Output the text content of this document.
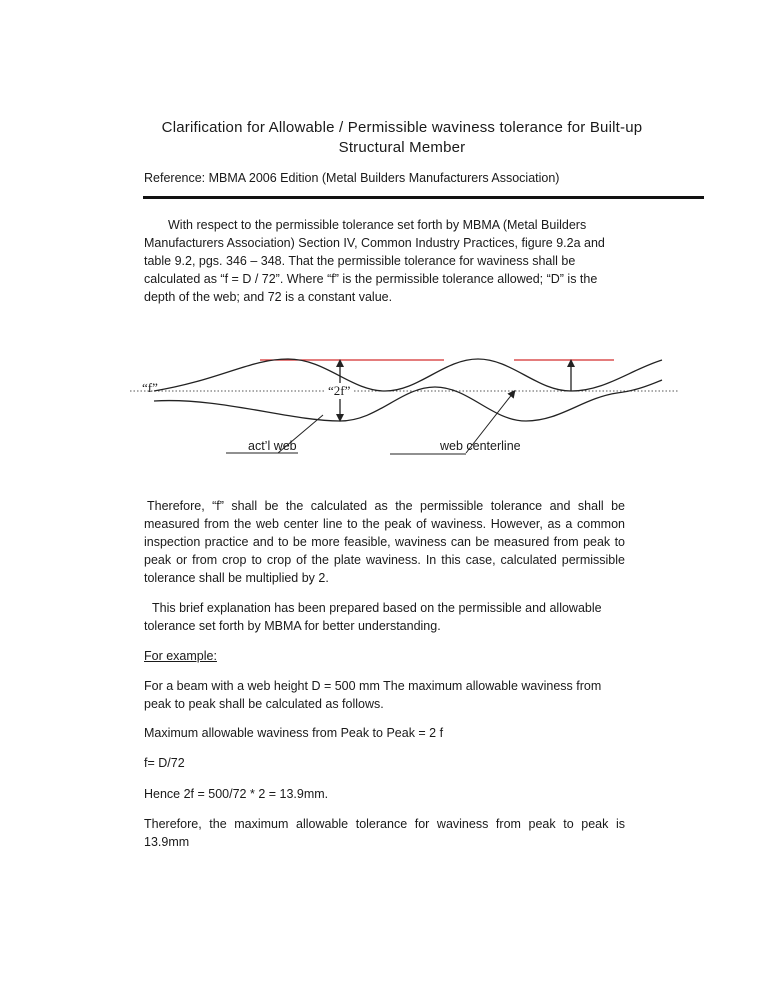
Clarification for Allowable / Permissible waviness tolerance for Built-up
Structural Member
Reference: MBMA 2006 Edition (Metal Builders Manufacturers Association)

With respect to the permissible tolerance set forth by MBMA (Metal Builders Manufacturers Association) Section IV, Common Industry Practices, figure 9.2a and table 9.2, pgs. 346 – 348. That the permissible tolerance for waviness shall be calculated as “f = D / 72”. Where “f” is the permissible tolerance allowed; “D” is the depth of the web; and 72 is a constant value.

“f”	“2f”
act’l web	web centerline

Therefore, “f” shall be the calculated as the permissible tolerance and shall be measured from the web center line to the peak of waviness. However, as a common inspection practice and to be more feasible, waviness can be measured from peak to peak or from crop to crop of the plate waviness. In this case, calculated permissible tolerance shall be multiplied by 2.

This brief explanation has been prepared based on the permissible and allowable tolerance set forth by MBMA for better understanding.

For example:
For a beam with a web height D = 500 mm The maximum allowable waviness from peak to peak shall be calculated as follows.
Maximum allowable waviness from Peak to Peak = 2 f
f= D/72
Hence 2f = 500/72 * 2 = 13.9mm.

Therefore, the maximum allowable tolerance for waviness from peak to peak is 13.9mm
